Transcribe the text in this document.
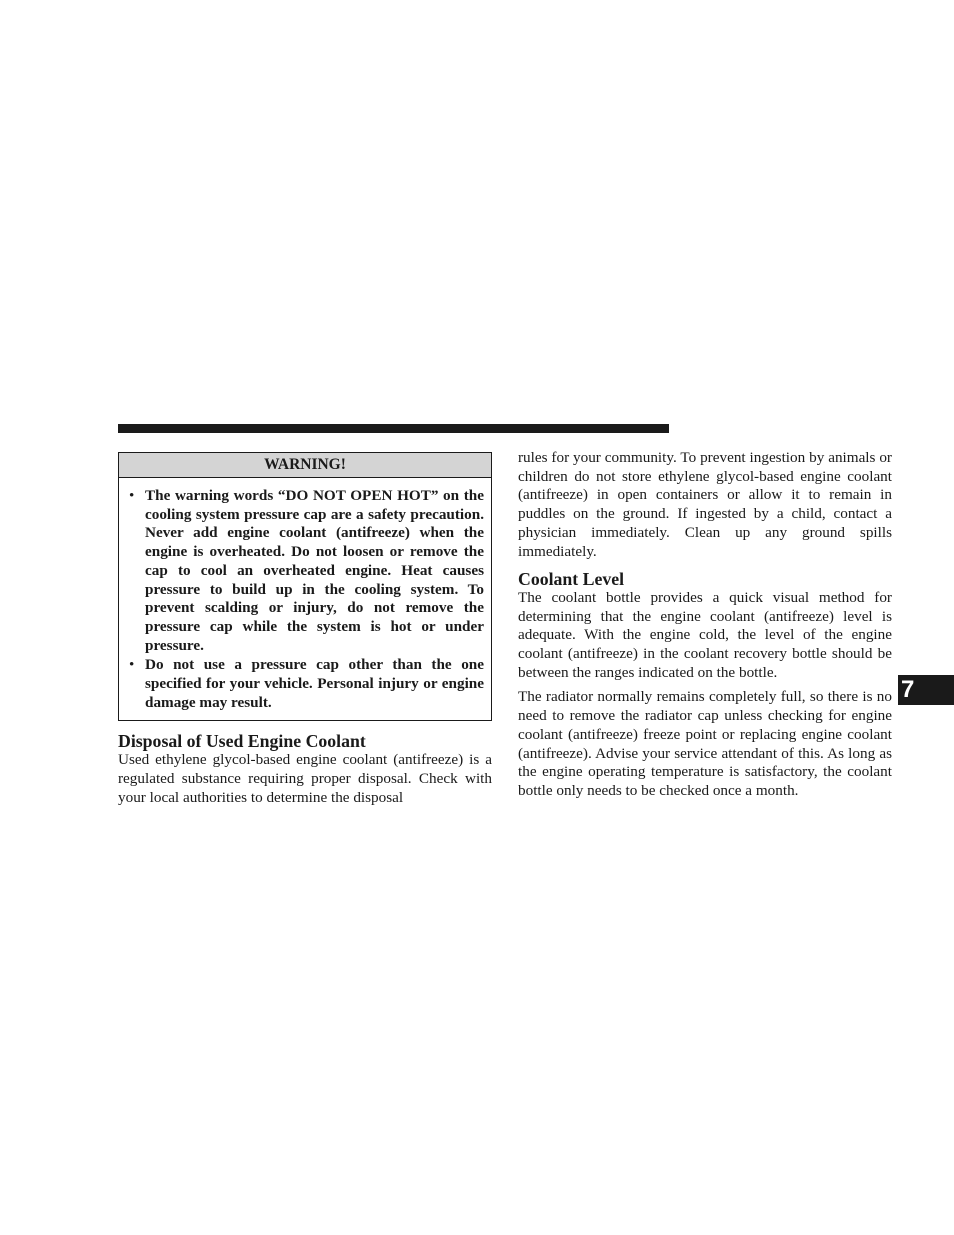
WARNING!
• The warning words “DO NOT OPEN HOT” on the cooling system pressure cap are a safety precaution. Never add engine coolant (antifreeze) when the engine is overheated. Do not loosen or remove the cap to cool an overheated engine. Heat causes pressure to build up in the cooling system. To prevent scalding or injury, do not remove the pressure cap while the system is hot or under pressure.
• Do not use a pressure cap other than the one specified for your vehicle. Personal injury or engine damage may result.
Disposal of Used Engine Coolant

Used ethylene glycol-based engine coolant (antifreeze) is a regulated substance requiring proper disposal. Check with your local authorities to determine the disposal

rules for your community. To prevent ingestion by animals or children do not store ethylene glycol-based engine coolant (antifreeze) in open containers or allow it to remain in puddles on the ground. If ingested by a child, contact a physician immediately. Clean up any ground spills immediately.

Coolant Level

The coolant bottle provides a quick visual method for determining that the engine coolant (antifreeze) level is adequate. With the engine cold, the level of the engine coolant (antifreeze) in the coolant recovery bottle should be between the ranges indicated on the bottle.

The radiator normally remains completely full, so there is no need to remove the radiator cap unless checking for engine coolant (antifreeze) freeze point or replacing engine coolant (antifreeze). Advise your service attendant of this. As long as the engine operating temperature is satisfactory, the coolant bottle only needs to be checked once a month.

7
